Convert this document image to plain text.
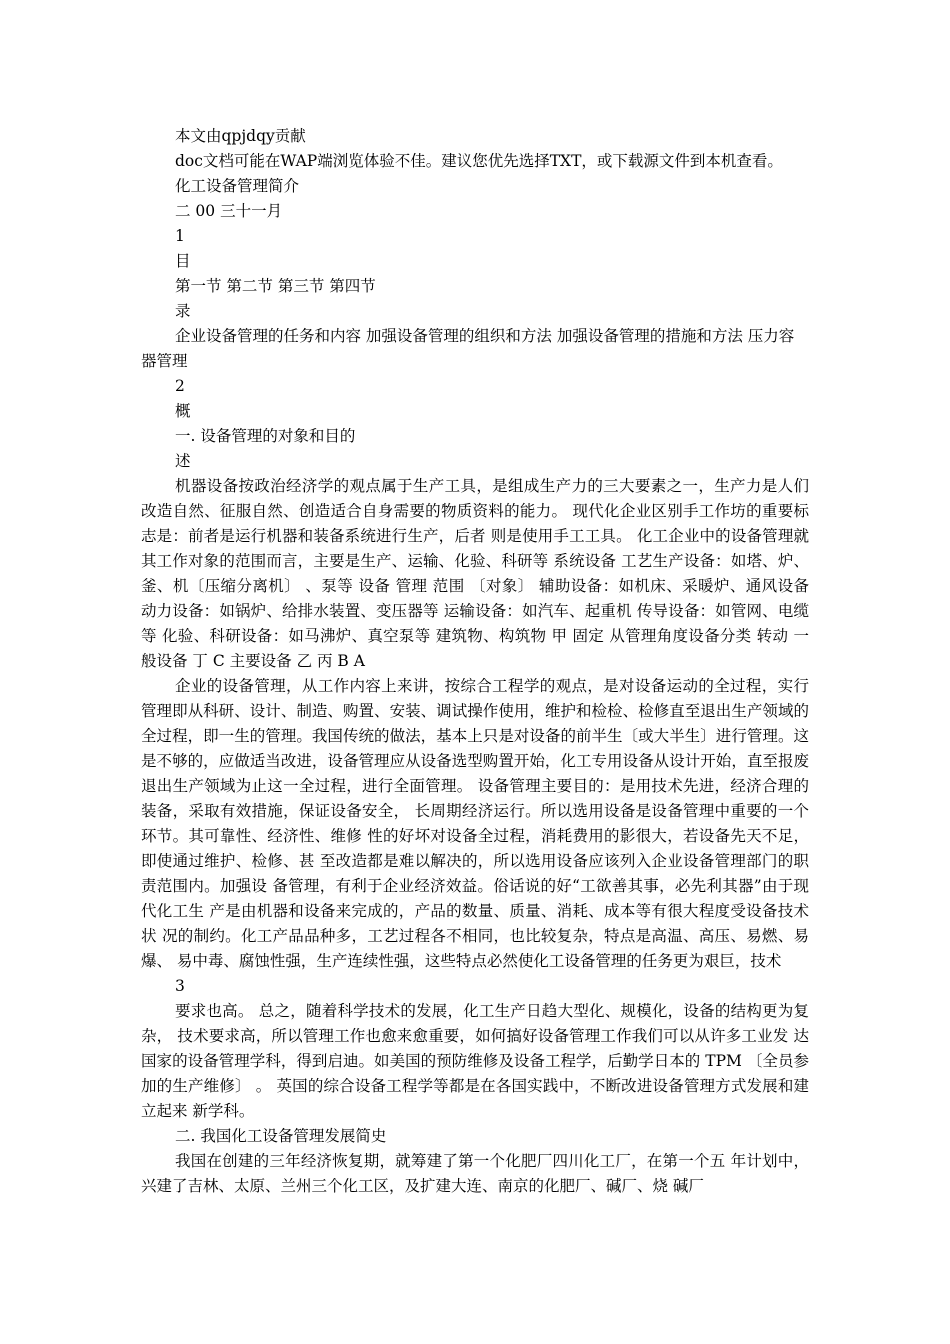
本文由qpjdqy贡献
doc文档可能在WAP端浏览体验不佳。建议您优先选择TXT，或下载源文件到本机查看。
化工设备管理简介
二 00 三十一月
1
目
第一节 第二节 第三节 第四节
录
企业设备管理的任务和内容 加强设备管理的组织和方法 加强设备管理的措施和方法 压力容器管理
2
概
一. 设备管理的对象和目的
述
机器设备按政治经济学的观点属于生产工具，是组成生产力的三大要素之一，生产力是人们改造自然、征服自然、创造适合自身需要的物质资料的能力。 现代化企业区别手工作坊的重要标志是：前者是运行机器和装备系统进行生产，后者 则是使用手工工具。 化工企业中的设备管理就其工作对象的范围而言，主要是生产、运输、化验、科研等 系统设备 工艺生产设备：如塔、炉、釜、机〔压缩分离机〕 、泵等 设备 管理 范围 〔对象〕 辅助设备：如机床、采暖炉、通风设备 动力设备：如锅炉、给排水装置、变压器等 运输设备：如汽车、起重机 传导设备：如管网、电缆等 化验、科研设备：如马沸炉、真空泵等 建筑物、构筑物 甲 固定 从管理角度设备分类 转动 一般设备 丁 C 主要设备 乙 丙 B A
企业的设备管理，从工作内容上来讲，按综合工程学的观点，是对设备运动的全过程，实行管理即从科研、设计、制造、购置、安装、调试操作使用，维护和检检、检修直至退出生产领域的全过程，即一生的管理。我国传统的做法，基本上只是对设备的前半生〔或大半生〕进行管理。这是不够的，应做适当改进，设备管理应从设备选型购置开始，化工专用设备从设计开始，直至报废退出生产领域为止这一全过程，进行全面管理。 设备管理主要目的：是用技术先进，经济合理的装备，采取有效措施，保证设备安全， 长周期经济运行。所以选用设备是设备管理中重要的一个环节。其可靠性、经济性、维修 性的好坏对设备全过程，消耗费用的影很大，若设备先天不足，即使通过维护、检修、甚 至改造都是难以解决的，所以选用设备应该列入企业设备管理部门的职责范围内。加强设 备管理，有利于企业经济效益。俗话说的好“工欲善其事，必先利其器”由于现代化工生 产是由机器和设备来完成的，产品的数量、质量、消耗、成本等有很大程度受设备技术状 况的制约。化工产品品种多，工艺过程各不相同，也比较复杂，特点是高温、高压、易燃、易爆、 易中毒、腐蚀性强，生产连续性强，这些特点必然使化工设备管理的任务更为艰巨，技术
3
要求也高。 总之，随着科学技术的发展，化工生产日趋大型化、规模化，设备的结构更为复杂， 技术要求高，所以管理工作也愈来愈重要，如何搞好设备管理工作我们可以从许多工业发 达国家的设备管理学科，得到启迪。如美国的预防维修及设备工程学，后勤学日本的 TPM 〔全员参加的生产维修〕 。 英国的综合设备工程学等都是在各国实践中，不断改进设备管理方式发展和建立起来 新学科。
二. 我国化工设备管理发展简史
我国在创建的三年经济恢复期，就筹建了第一个化肥厂四川化工厂，在第一个五 年计划中，兴建了吉林、太原、兰州三个化工区，及扩建大连、南京的化肥厂、碱厂、烧 碱厂
